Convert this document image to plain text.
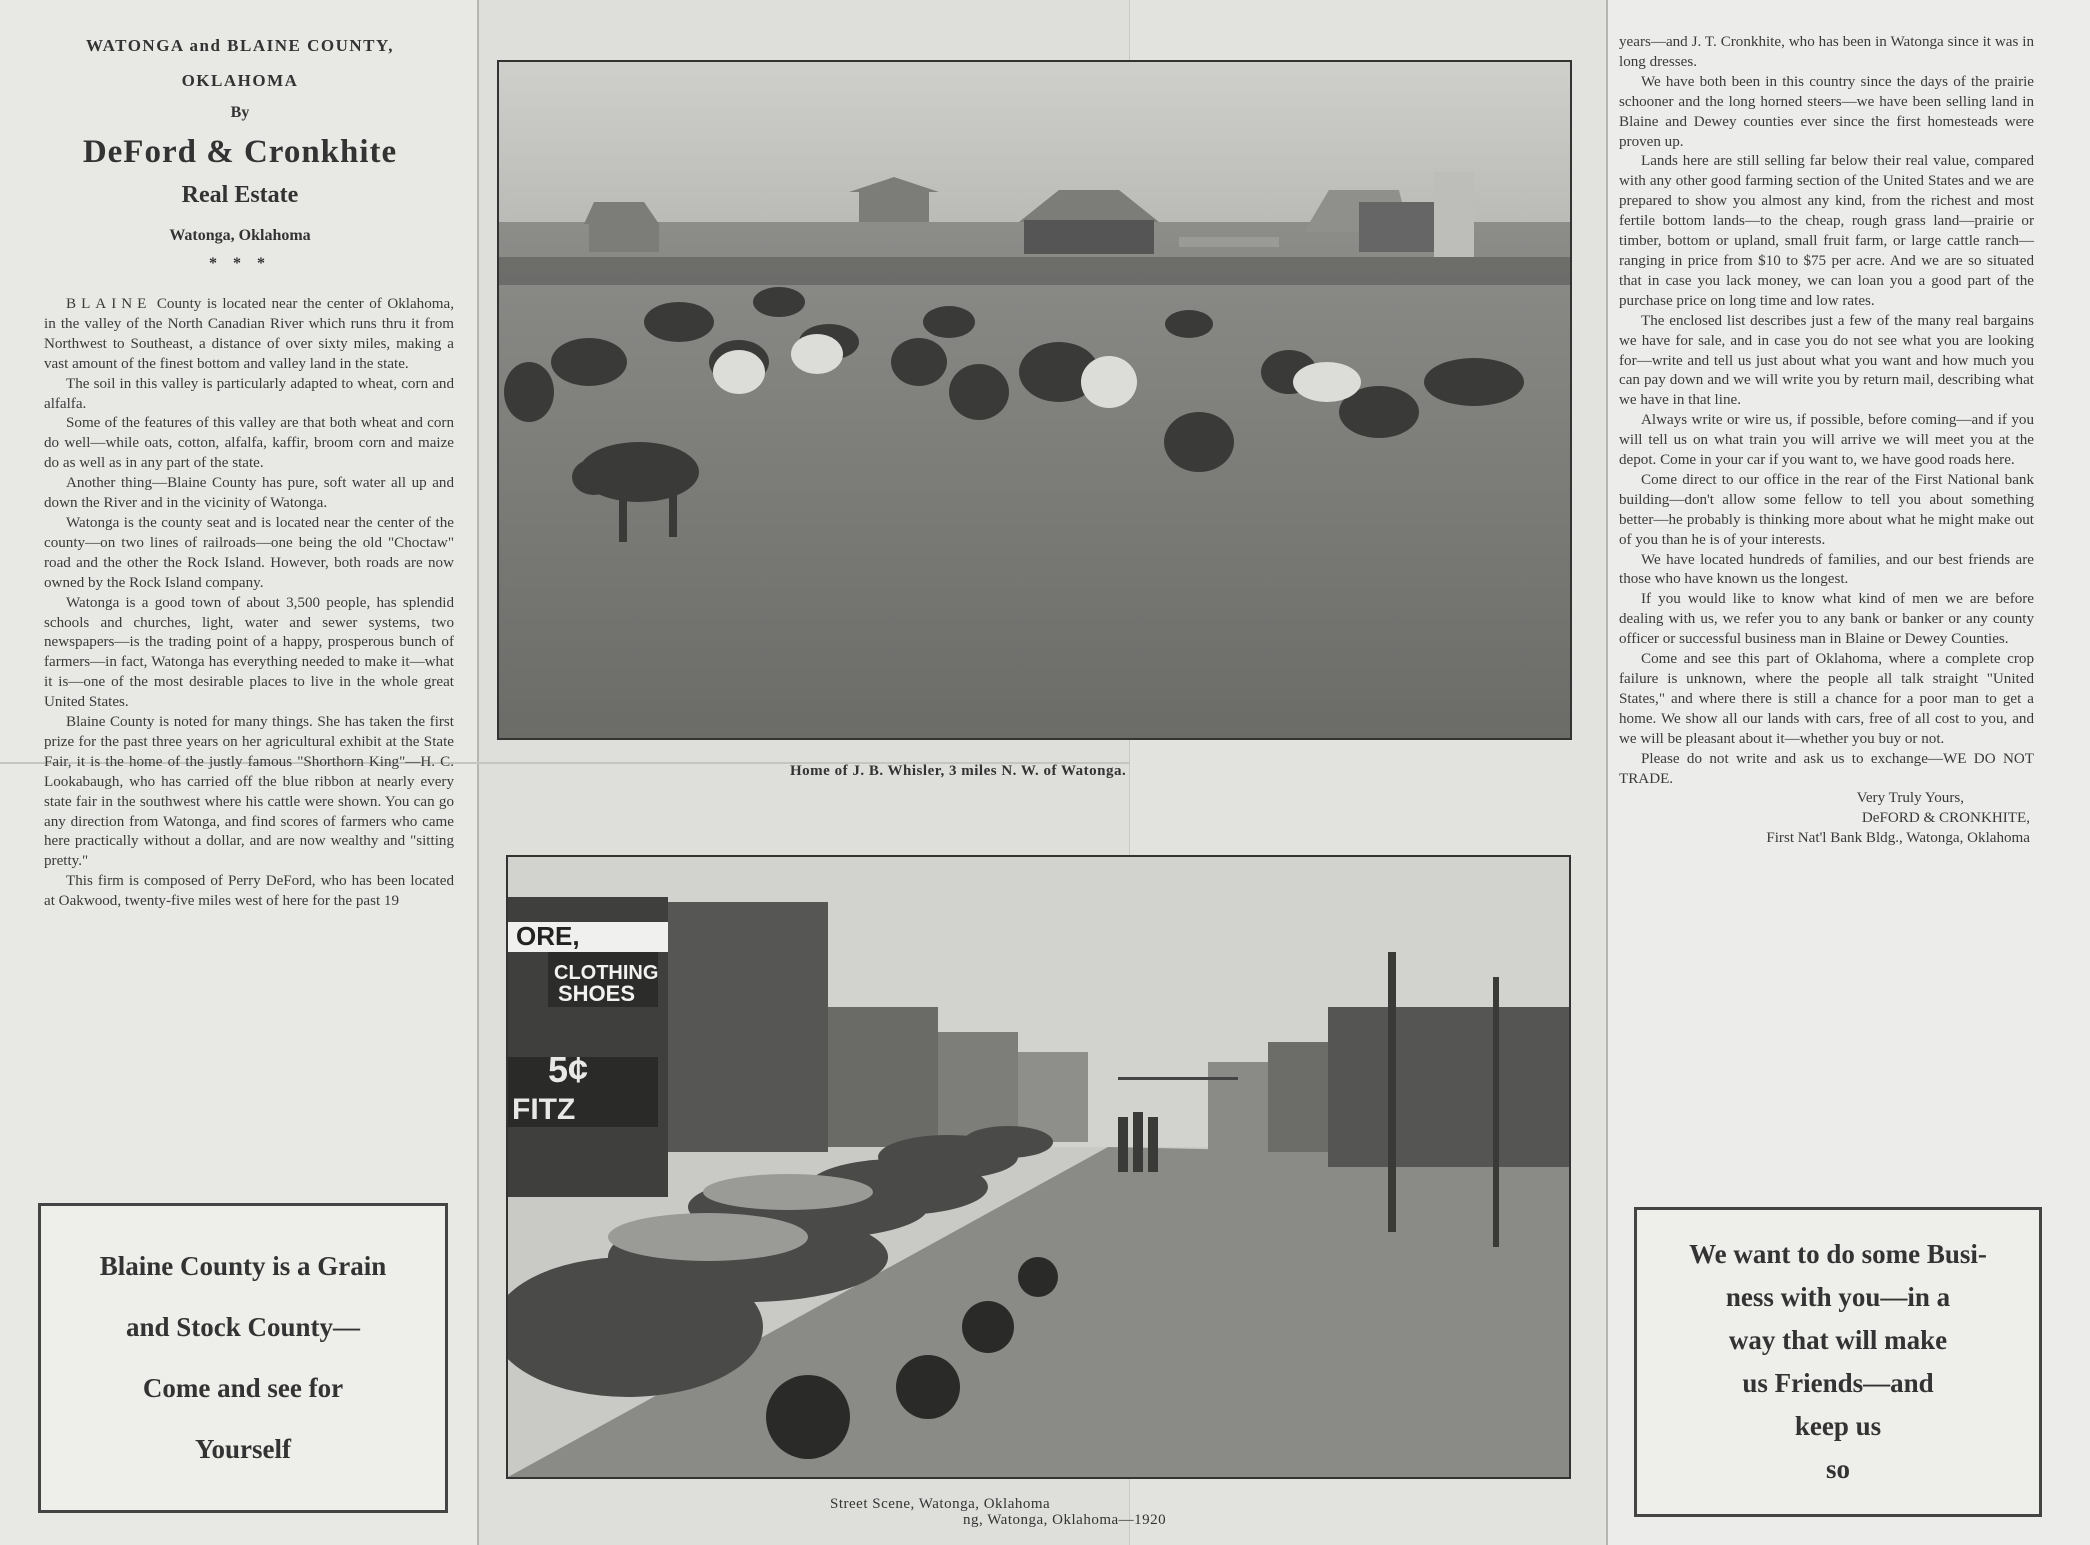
WATONGA and BLAINE COUNTY,
OKLAHOMA
By
DeFord & Cronkhite
Real Estate
Watonga, Oklahoma
* * *

BLAINE County is located near the center of Oklahoma, in the valley of the North Canadian River which runs thru it from Northwest to Southeast, a distance of over sixty miles, making a vast amount of the finest bottom and valley land in the state.

The soil in this valley is particularly adapted to wheat, corn and alfalfa.

Some of the features of this valley are that both wheat and corn do well—while oats, cotton, alfalfa, kaffir, broom corn and maize do as well as in any part of the state.

Another thing—Blaine County has pure, soft water all up and down the River and in the vicinity of Watonga.

Watonga is the county seat and is located near the center of the county—on two lines of railroads—one being the old "Choctaw" road and the other the Rock Island. However, both roads are now owned by the Rock Island company.

Watonga is a good town of about 3,500 people, has splendid schools and churches, light, water and sewer systems, two newspapers—is the trading point of a happy, prosperous bunch of farmers—in fact, Watonga has everything needed to make it—what it is—one of the most desirable places to live in the whole great United States.

Blaine County is noted for many things. She has taken the first prize for the past three years on her agricultural exhibit at the State Fair, it is the home of the justly famous "Shorthorn King"—H. C. Lookabaugh, who has carried off the blue ribbon at nearly every state fair in the southwest where his cattle were shown. You can go any direction from Watonga, and find scores of farmers who came here practically without a dollar, and are now wealthy and "sitting pretty."

This firm is composed of Perry DeFord, who has been located at Oakwood, twenty-five miles west of here for the past 19

Blaine County is a Grain
and Stock County—
Come and see for
Yourself
Home of J. B. Whisler, 3 miles N. W. of Watonga.
ORE,
CLOTHING
SHOES
5¢
FITZ
Street Scene, Watonga, Oklahoma
ng, Watonga, Oklahoma—1920

years—and J. T. Cronkhite, who has been in Watonga since it was in long dresses.

We have both been in this country since the days of the prairie schooner and the long horned steers—we have been selling land in Blaine and Dewey counties ever since the first homesteads were proven up.

Lands here are still selling far below their real value, compared with any other good farming section of the United States and we are prepared to show you almost any kind, from the richest and most fertile bottom lands—to the cheap, rough grass land—prairie or timber, bottom or upland, small fruit farm, or large cattle ranch—ranging in price from $10 to $75 per acre. And we are so situated that in case you lack money, we can loan you a good part of the purchase price on long time and low rates.

The enclosed list describes just a few of the many real bargains we have for sale, and in case you do not see what you are looking for—write and tell us just about what you want and how much you can pay down and we will write you by return mail, describing what we have in that line.

Always write or wire us, if possible, before coming—and if you will tell us on what train you will arrive we will meet you at the depot. Come in your car if you want to, we have good roads here.

Come direct to our office in the rear of the First National bank building—don't allow some fellow to tell you about something better—he probably is thinking more about what he might make out of you than he is of your interests.

We have located hundreds of families, and our best friends are those who have known us the longest.

If you would like to know what kind of men we are before dealing with us, we refer you to any bank or banker or any county officer or successful business man in Blaine or Dewey Counties.

Come and see this part of Oklahoma, where a complete crop failure is unknown, where the people all talk straight "United States," and where there is still a chance for a poor man to get a home. We show all our lands with cars, free of all cost to you, and we will be pleasant about it—whether you buy or not.

Please do not write and ask us to exchange—WE DO NOT TRADE.

Very Truly Yours,
DeFORD & CRONKHITE,
First Nat'l Bank Bldg., Watonga, Oklahoma
We want to do some Busi-
ness with you—in a
way that will make
us Friends—and
keep us
so
